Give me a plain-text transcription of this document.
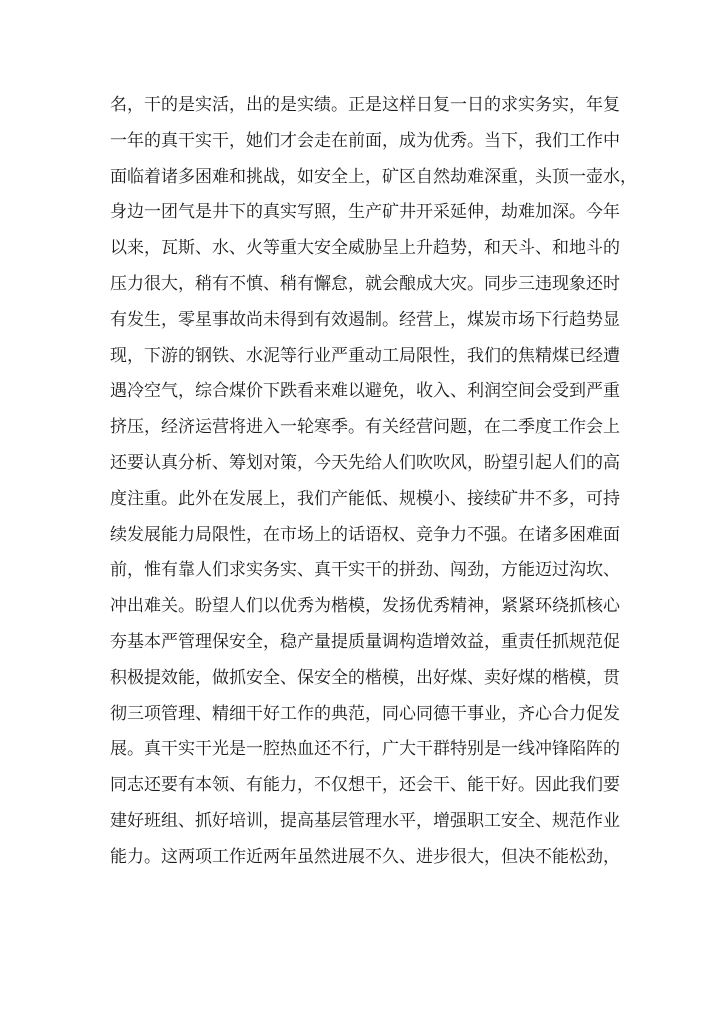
名，干的是实活，出的是实绩。正是这样日复一日的求实务实，年复
一年的真干实干，她们才会走在前面，成为优秀。当下，我们工作中
面临着诸多困难和挑战，如安全上，矿区自然劫难深重，头顶一壶水，
身边一团气是井下的真实写照，生产矿井开采延伸，劫难加深。今年
以来，瓦斯、水、火等重大安全威胁呈上升趋势，和天斗、和地斗的
压力很大，稍有不慎、稍有懈怠，就会酿成大灾。同步三违现象还时
有发生，零星事故尚未得到有效遏制。经营上，煤炭市场下行趋势显
现，下游的钢铁、水泥等行业严重动工局限性，我们的焦精煤已经遭
遇冷空气，综合煤价下跌看来难以避免，收入、利润空间会受到严重
挤压，经济运营将进入一轮寒季。有关经营问题，在二季度工作会上
还要认真分析、筹划对策，今天先给人们吹吹风，盼望引起人们的高
度注重。此外在发展上，我们产能低、规模小、接续矿井不多，可持
续发展能力局限性，在市场上的话语权、竞争力不强。在诸多困难面
前，惟有靠人们求实务实、真干实干的拼劲、闯劲，方能迈过沟坎、
冲出难关。盼望人们以优秀为楷模，发扬优秀精神，紧紧环绕抓核心
夯基本严管理保安全，稳产量提质量调构造增效益，重责任抓规范促
积极提效能，做抓安全、保安全的楷模，出好煤、卖好煤的楷模，贯
彻三项管理、精细干好工作的典范，同心同德干事业，齐心合力促发
展。真干实干光是一腔热血还不行，广大干群特别是一线冲锋陷阵的
同志还要有本领、有能力，不仅想干，还会干、能干好。因此我们要
建好班组、抓好培训，提高基层管理水平，增强职工安全、规范作业
能力。这两项工作近两年虽然进展不久、进步很大，但决不能松劲，
